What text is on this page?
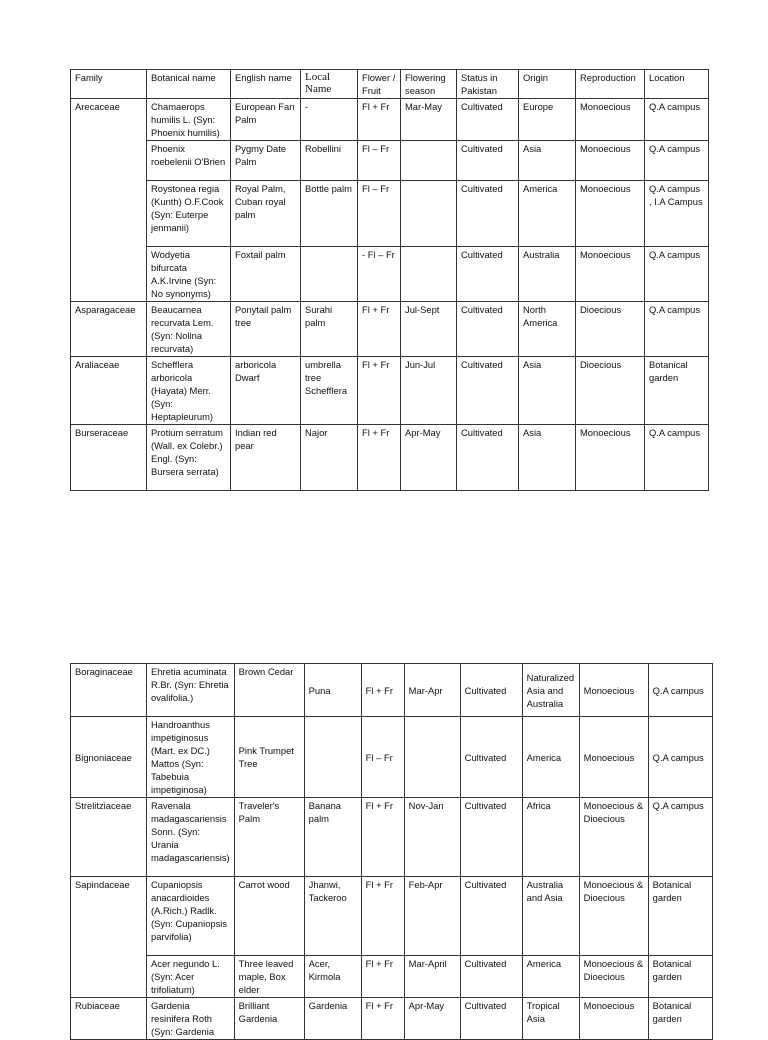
Family	Botanical name	English name	Local Name	Flower / Fruit	Flowering season	Status in Pakistan	Origin	Reproduction	Location
Arecaceae	Chamaerops humilis L. (Syn: Phoenix humilis)	European Fan Palm	-	Fl + Fr	Mar-May	Cultivated	Europe	Monoecious	Q.A campus
	Phoenix roebelenii O'Brien	Pygmy Date Palm	Robellini	Fl – Fr		Cultivated	Asia	Monoecious	Q.A campus
	Roystonea regia (Kunth) O.F.Cook (Syn: Euterpe jenmanii)	Royal Palm, Cuban royal palm	Bottle palm	Fl – Fr		Cultivated	America	Monoecious	Q.A campus , I.A Campus
	Wodyetia bifurcata A.K.Irvine (Syn: No synonyms)	Foxtail palm		- Fl – Fr		Cultivated	Australia	Monoecious	Q.A campus
Asparagaceae	Beaucarnea recurvata Lem. (Syn: Nolina recurvata)	Ponytail palm tree	Surahi palm	Fl + Fr	Jul-Sept	Cultivated	North America	Dioecious	Q.A campus
Araliaceae	Schefflera arboricola (Hayata) Merr. (Syn: Heptapleurum)	arboricola Dwarf	umbrella tree Schefflera	Fl + Fr	Jun-Jul	Cultivated	Asia	Dioecious	Botanical garden
Burseraceae	Protium serratum (Wall. ex Colebr.) Engl. (Syn: Bursera serrata)	Indian red pear	Najor	Fl + Fr	Apr-May	Cultivated	Asia	Monoecious	Q.A campus
Boraginaceae	Ehretia acuminata R.Br. (Syn: Ehretia ovalifolia.)	Brown Cedar	Puna	Fl + Fr	Mar-Apr	Cultivated	Naturalized Asia and Australia	Monoecious	Q.A campus
Bignoniaceae	Handroanthus impetiginosus (Mart. ex DC.) Mattos (Syn: Tabebuia impetiginosa)	Pink Trumpet Tree		Fl – Fr		Cultivated	America	Monoecious	Q.A campus
Strelitziaceae	Ravenala madagascariensis Sonn. (Syn: Urania madagascariensis)	Traveler's Palm	Banana palm	Fl + Fr	Nov-Jan	Cultivated	Africa	Monoecious & Dioecious	Q.A campus
Sapindaceae	Cupaniopsis anacardioides (A.Rich.) Radlk. (Syn: Cupaniopsis parvifolia)	Carrot wood	Jhanwi, Tackeroo	Fl + Fr	Feb-Apr	Cultivated	Australia and Asia	Monoecious & Dioecious	Botanical garden
	Acer negundo L. (Syn: Acer trifoliatum)	Three leaved maple, Box elder	Acer, Kirmola	Fl + Fr	Mar-April	Cultivated	America	Monoecious & Dioecious	Botanical garden
Rubiaceae	Gardenia resinifera Roth (Syn: Gardenia	Brilliant Gardenia	Gardenia	Fl + Fr	Apr-May	Cultivated	Tropical Asia	Monoecious	Botanical garden
